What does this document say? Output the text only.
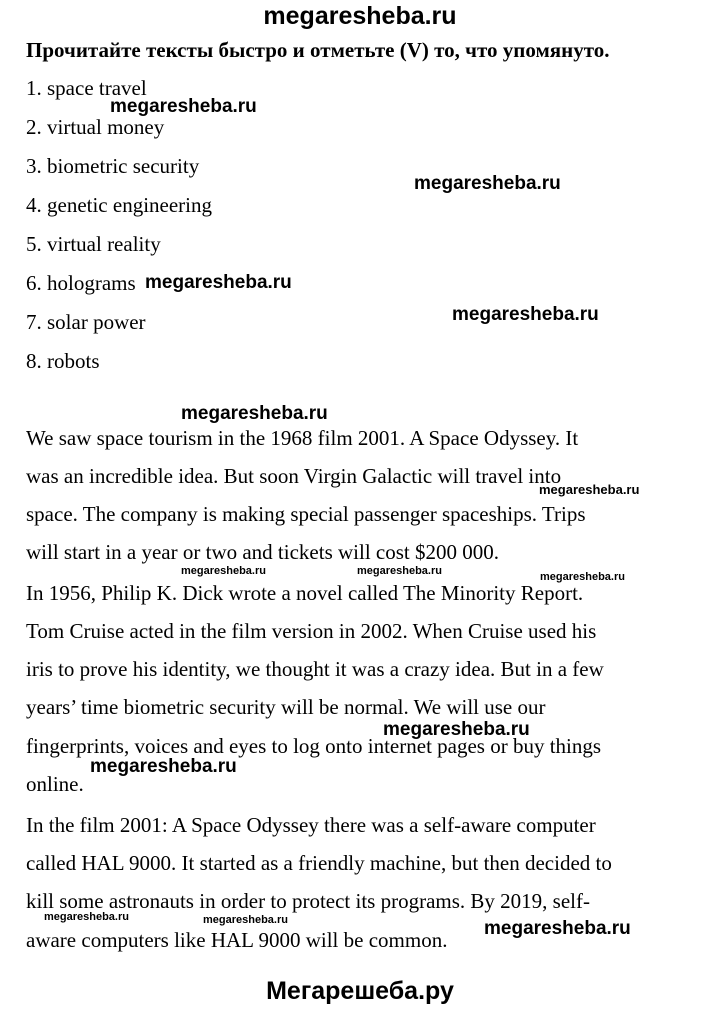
megaresheba.ru
Прочитайте тексты быстро и отметьте (V) то, что упомянуто.
1. space travel
2. virtual money
3. biometric security
4. genetic engineering
5. virtual reality
6. holograms
7. solar power
8. robots
We saw space tourism in the 1968 film 2001. A Space Odyssey. It
was an incredible idea. But soon Virgin Galactic will travel into
space. The company is making special passenger spaceships. Trips
will start in a year or two and tickets will cost $200 000.
In 1956, Philip K. Dick wrote a novel called The Minority Report.
Tom Cruise acted in the film version in 2002. When Cruise used his
iris to prove his identity, we thought it was a crazy idea. But in a few
years’ time biometric security will be normal. We will use our
fingerprints, voices and eyes to log onto internet pages or buy things
online.
In the film 2001: A Space Odyssey there was a self-aware computer
called HAL 9000. It started as a friendly machine, but then decided to
kill some astronauts in order to protect its programs. By 2019, self-
aware computers like HAL 9000 will be common.
megaresheba.ru
megaresheba.ru
megaresheba.ru
megaresheba.ru
megaresheba.ru
megaresheba.ru
megaresheba.ru	megaresheba.ru	megaresheba.ru
megaresheba.ru
megaresheba.ru
megaresheba.ru	megaresheba.ru	megaresheba.ru
Мегарешеба.ру
